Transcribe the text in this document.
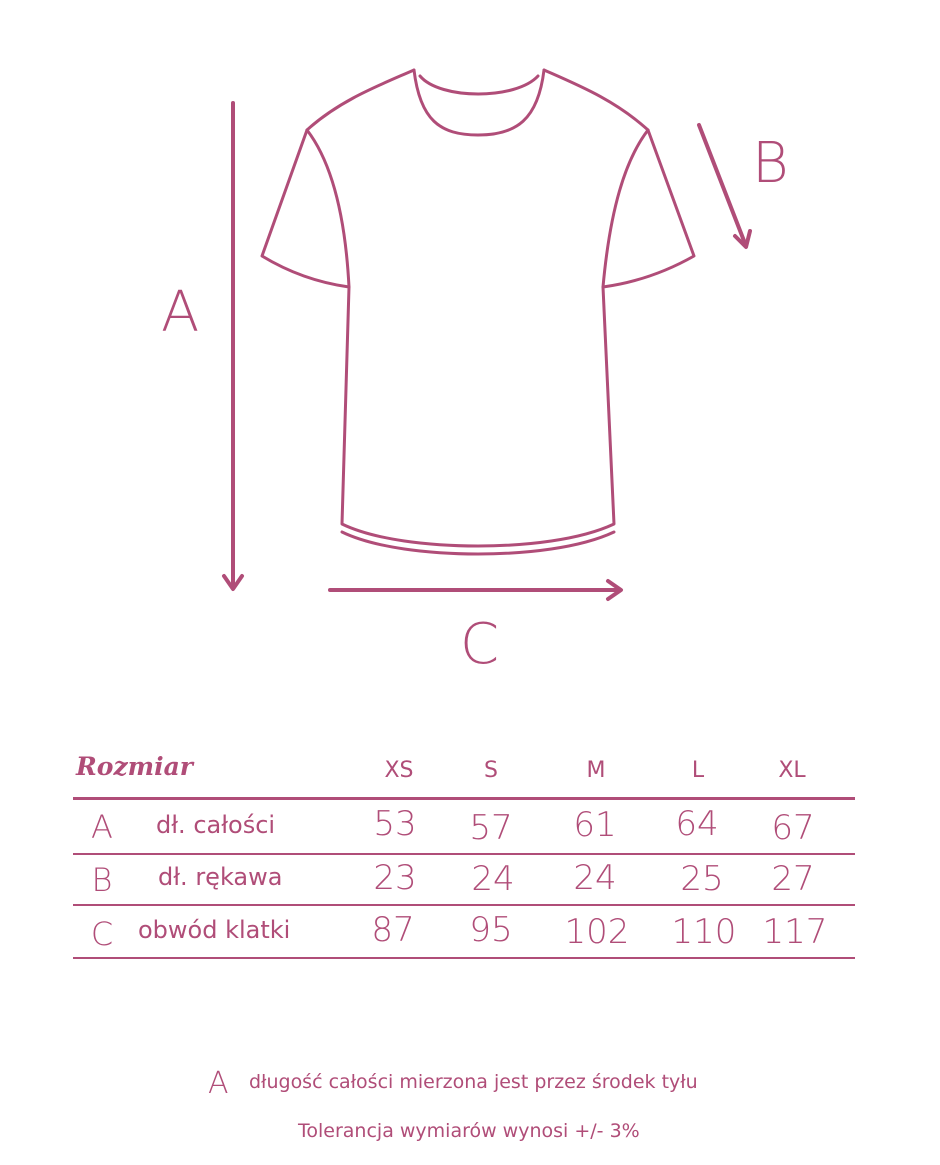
A
B
C
Rozmiar	XS	S	M	L	XL
A dł. całości	53	57	61	64	67
B	dł. rękawa	23	24	24	25	27
C obwód klatki	87	95	102	110 117
A długość całości mierzona jest przez środek tyłu
Tolerancja wymiarów wynosi +/- 3%
